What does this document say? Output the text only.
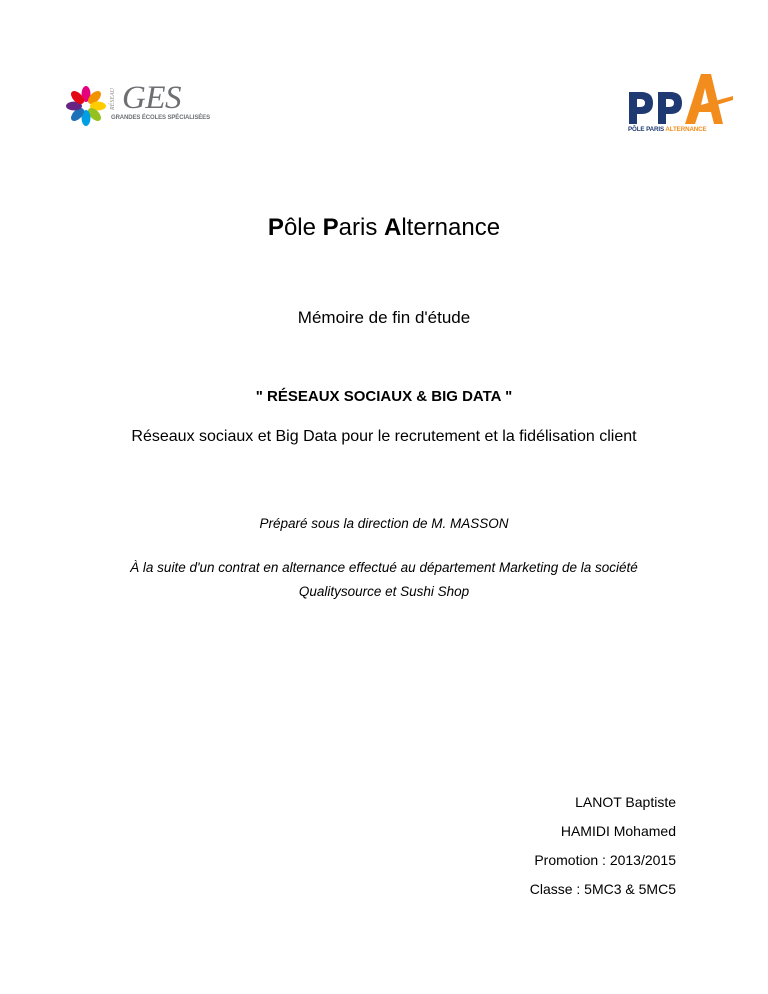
RÉSEAU GES
GRANDES ÉCOLES SPÉCIALISÉES
PÔLE PARIS ALTERNANCE
Pôle Paris Alternance
Mémoire de fin d'étude
" RÉSEAUX SOCIAUX & BIG DATA "
Réseaux sociaux et Big Data pour le recrutement et la fidélisation client
Préparé sous la direction de M. MASSON
À la suite d'un contrat en alternance effectué au département Marketing de la société
Qualitysource et Sushi Shop
LANOT Baptiste
HAMIDI Mohamed
Promotion : 2013/2015
Classe : 5MC3 & 5MC5
